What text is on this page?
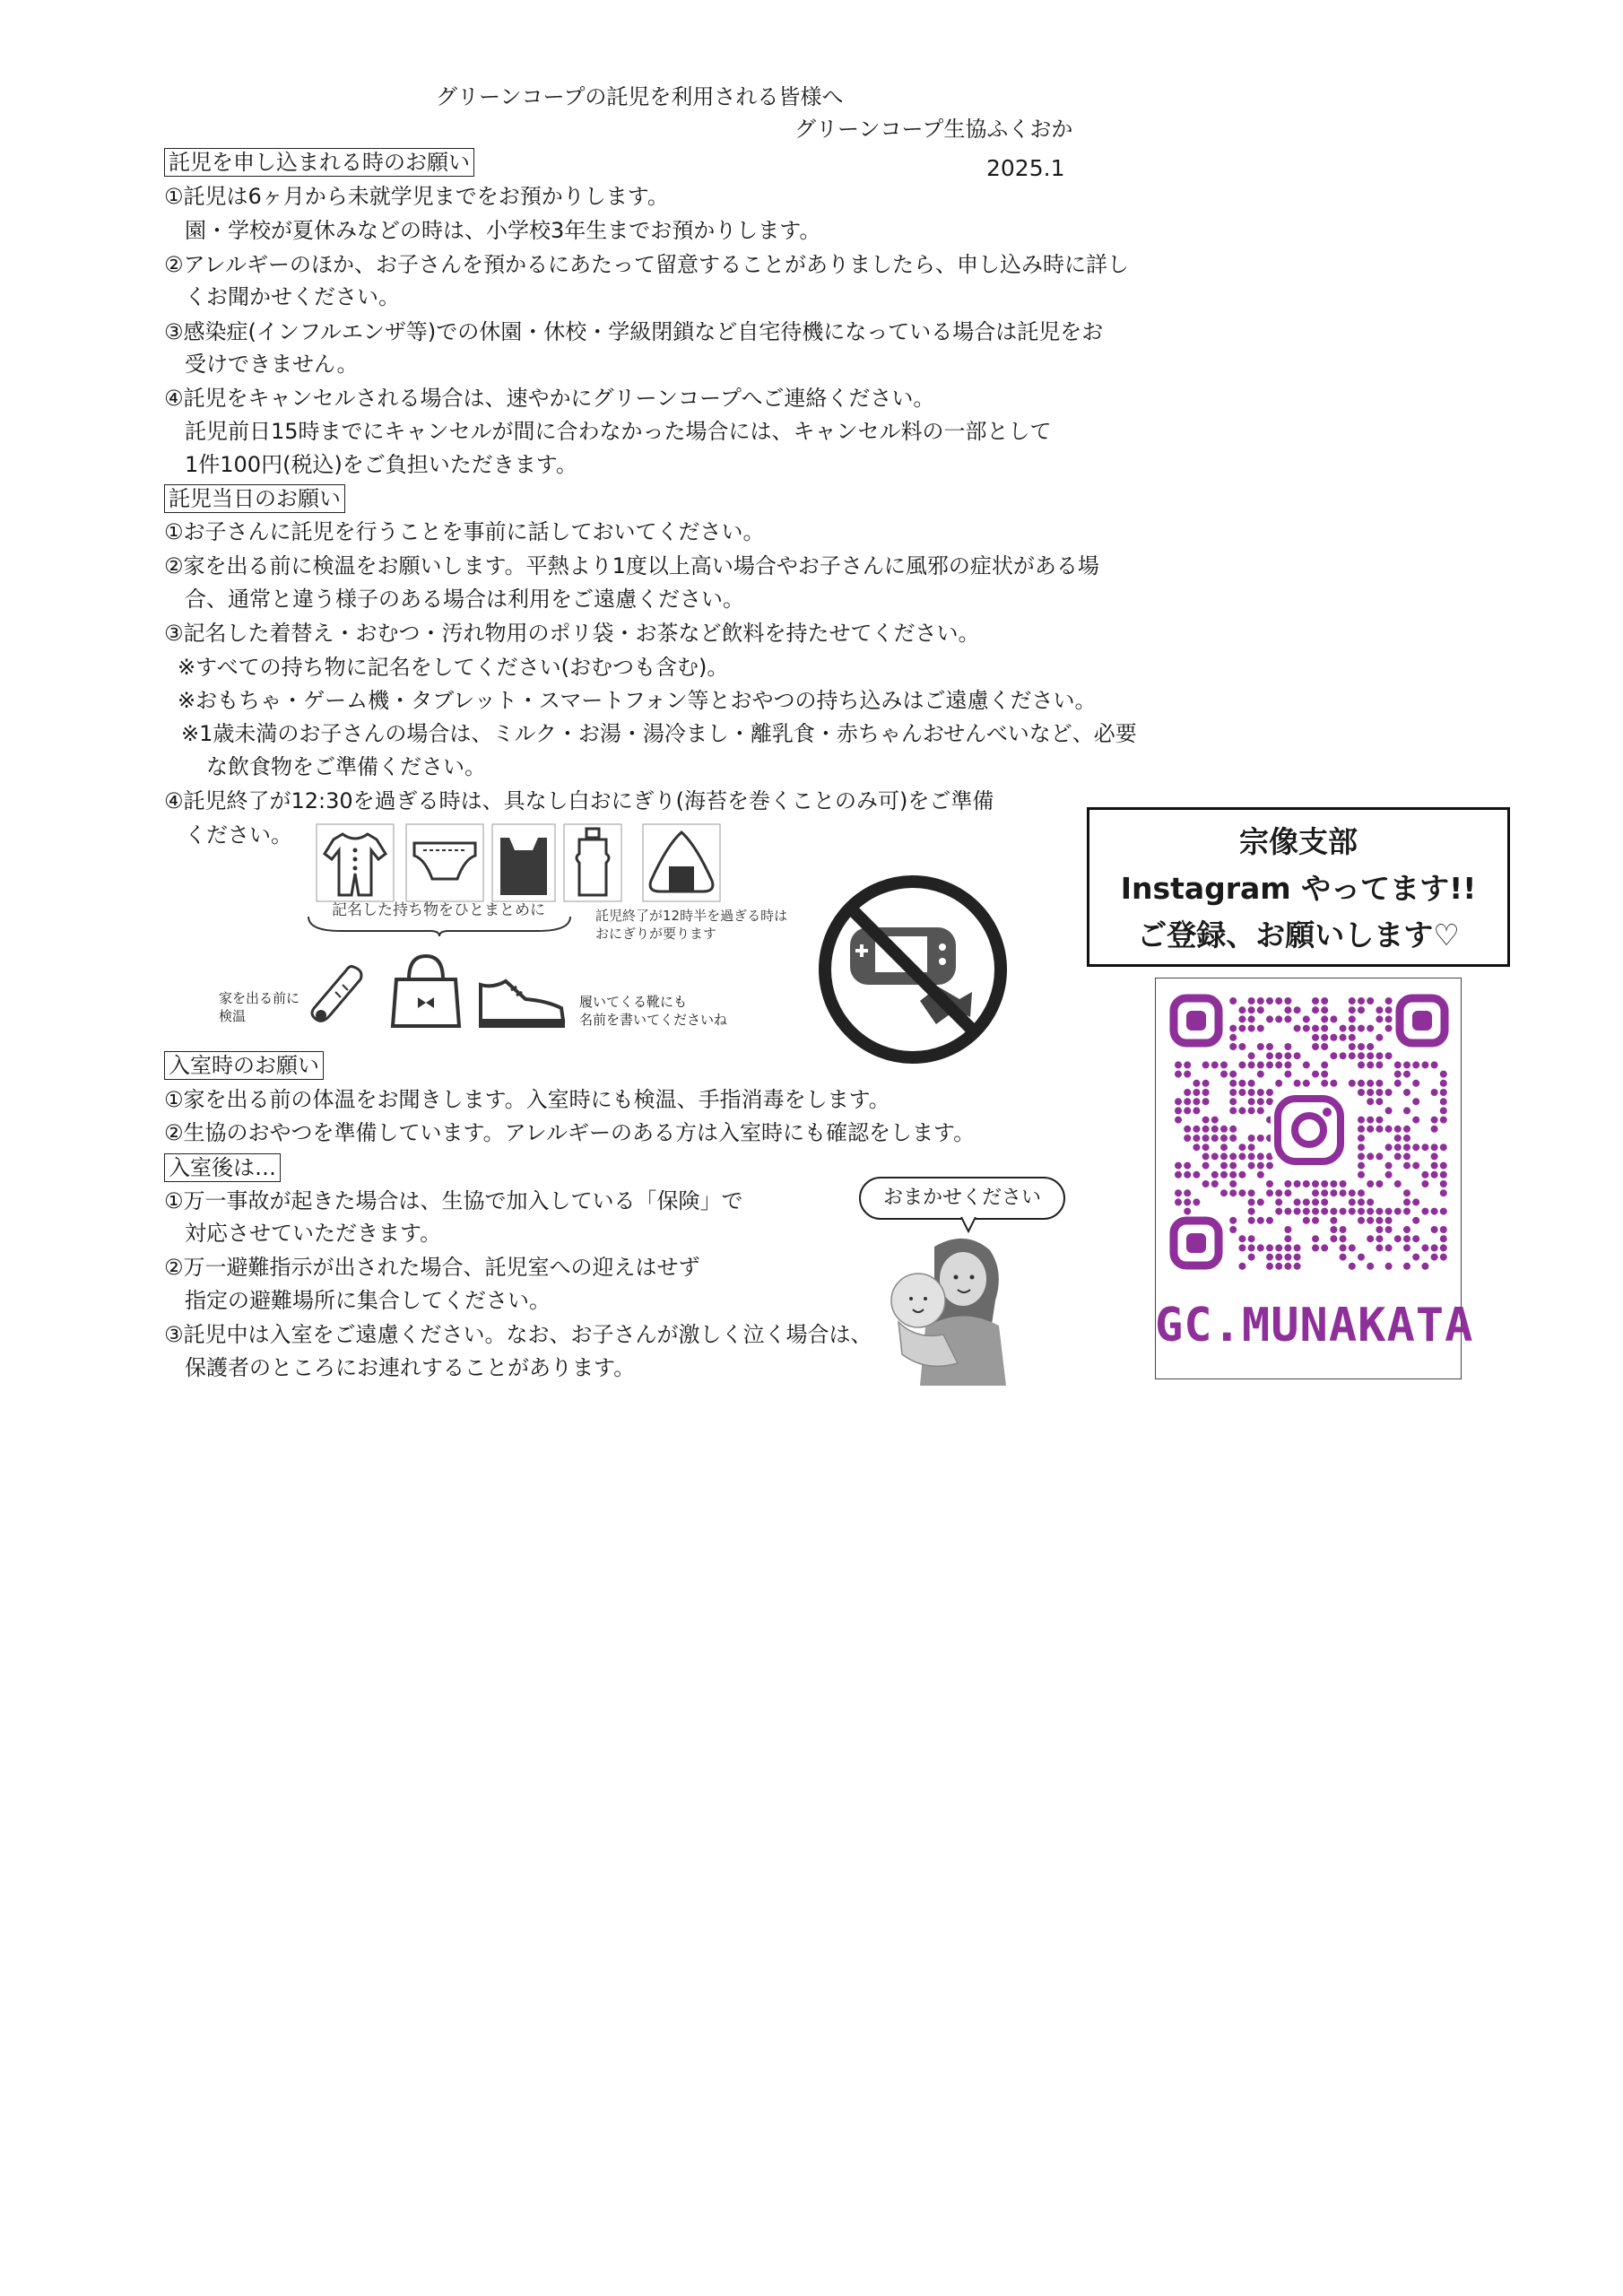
グリーンコープの託児を利用される皆様へ
グリーンコープ生協ふくおか
2025.1
託児を申し込まれる時のお願い
①託児は6ヶ月から未就学児までをお預かりします。
園・学校が夏休みなどの時は、小学校3年生までお預かりします。
②アレルギーのほか、お子さんを預かるにあたって留意することがありましたら、申し込み時に詳し
くお聞かせください。
③感染症(インフルエンザ等)での休園・休校・学級閉鎖など自宅待機になっている場合は託児をお
受けできません。
④託児をキャンセルされる場合は、速やかにグリーンコープへご連絡ください。
託児前日15時までにキャンセルが間に合わなかった場合には、キャンセル料の一部として
1件100円(税込)をご負担いただきます。
託児当日のお願い
①お子さんに託児を行うことを事前に話しておいてください。
②家を出る前に検温をお願いします。平熱より1度以上高い場合やお子さんに風邪の症状がある場
合、通常と違う様子のある場合は利用をご遠慮ください。
③記名した着替え・おむつ・汚れ物用のポリ袋・お茶など飲料を持たせてください。
※すべての持ち物に記名をしてください(おむつも含む)。
※おもちゃ・ゲーム機・タブレット・スマートフォン等とおやつの持ち込みはご遠慮ください。
※1歳未満のお子さんの場合は、ミルク・お湯・湯冷まし・離乳食・赤ちゃんおせんべいなど、必要
な飲食物をご準備ください。
④託児終了が12:30を過ぎる時は、具なし白おにぎり(海苔を巻くことのみ可)をご準備
ください。
記名した持ち物をひとまとめに	託児終了が12時半を過ぎる時は
おにぎりが要ります
家を出る前に
検温
履いてくる靴にも
名前を書いてくださいね
入室時のお願い
①家を出る前の体温をお聞きします。入室時にも検温、手指消毒をします。
②生協のおやつを準備しています。アレルギーのある方は入室時にも確認をします。
入室後は…
①万一事故が起きた場合は、生協で加入している「保険」で
対応させていただきます。
②万一避難指示が出された場合、託児室への迎えはせず
指定の避難場所に集合してください。
③託児中は入室をご遠慮ください。なお、お子さんが激しく泣く場合は、
保護者のところにお連れすることがあります。
おまかせください
宗像支部
Instagram やってます!!
ご登録、お願いします♡
GC.MUNAKATA
